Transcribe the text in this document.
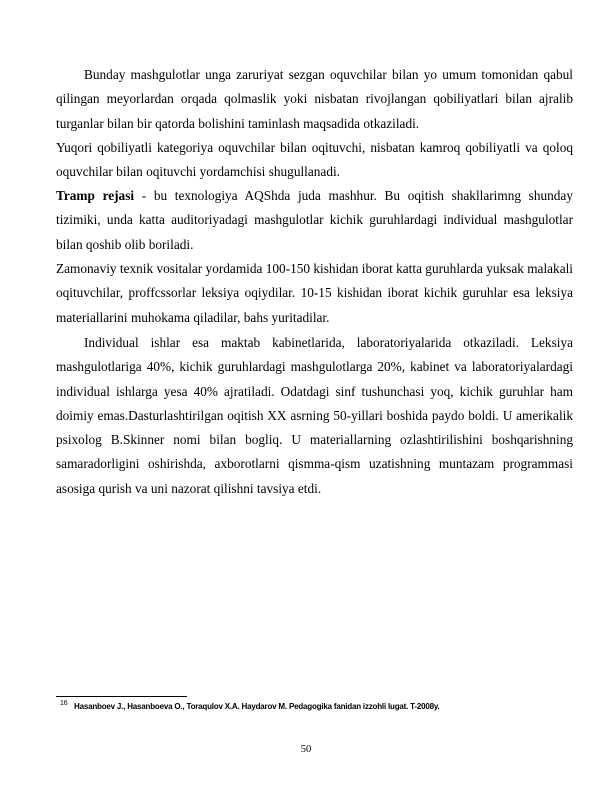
Bunday mashgulotlar unga zaruriyat sezgan oquvchilar bilan yo umum tomonidan qabul qilingan meyorlardan orqada qolmaslik yoki nisbatan rivojlangan qobiliyatlari bilan ajralib turganlar bilan bir qatorda bolishini taminlash maqsadida otkaziladi.

Yuqori qobiliyatli kategoriya oquvchilar bilan oqituvchi, nisbatan kamroq qobiliyatli va qoloq oquvchilar bilan oqituvchi yordamchisi shugullanadi.

Tramp rejasi - bu texnologiya AQShda juda mashhur. Bu oqitish shakllarimng shunday tizimiki, unda katta auditoriyadagi mashgulotlar kichik guruhlardagi individual mashgulotlar bilan qoshib olib boriladi.

Zamonaviy texnik vositalar yordamida 100-150 kishidan iborat katta guruhlarda yuksak malakali oqituvchilar, proffcssorlar leksiya oqiydilar. 10-15 kishidan iborat kichik guruhlar esa leksiya materiallarini muhokama qiladilar, bahs yuritadilar.

Individual ishlar esa maktab kabinetlarida, laboratoriyalarida otkaziladi. Leksiya mashgulotlariga 40%, kichik guruhlardagi mashgulotlarga 20%, kabinet va laboratoriyalardagi individual ishlarga yesa 40% ajratiladi. Odatdagi sinf tushunchasi yoq, kichik guruhlar ham doimiy emas.Dasturlashtirilgan oqitish XX asrning 50-yillari boshida paydo boldi. U amerikalik psixolog B.Skinner nomi bilan bogliq. U materiallarning ozlashtirilishini boshqarishning samaradorligini oshirishda, axborotlarni qismma-qism uzatishning muntazam programmasi asosiga qurish va uni nazorat qilishni tavsiya etdi.

16 Hasanboev J., Hasanboeva O., Toraqulov X.A. Haydarov M. Pedagogika fanidan izzohli lugat. T-2008y.
50
